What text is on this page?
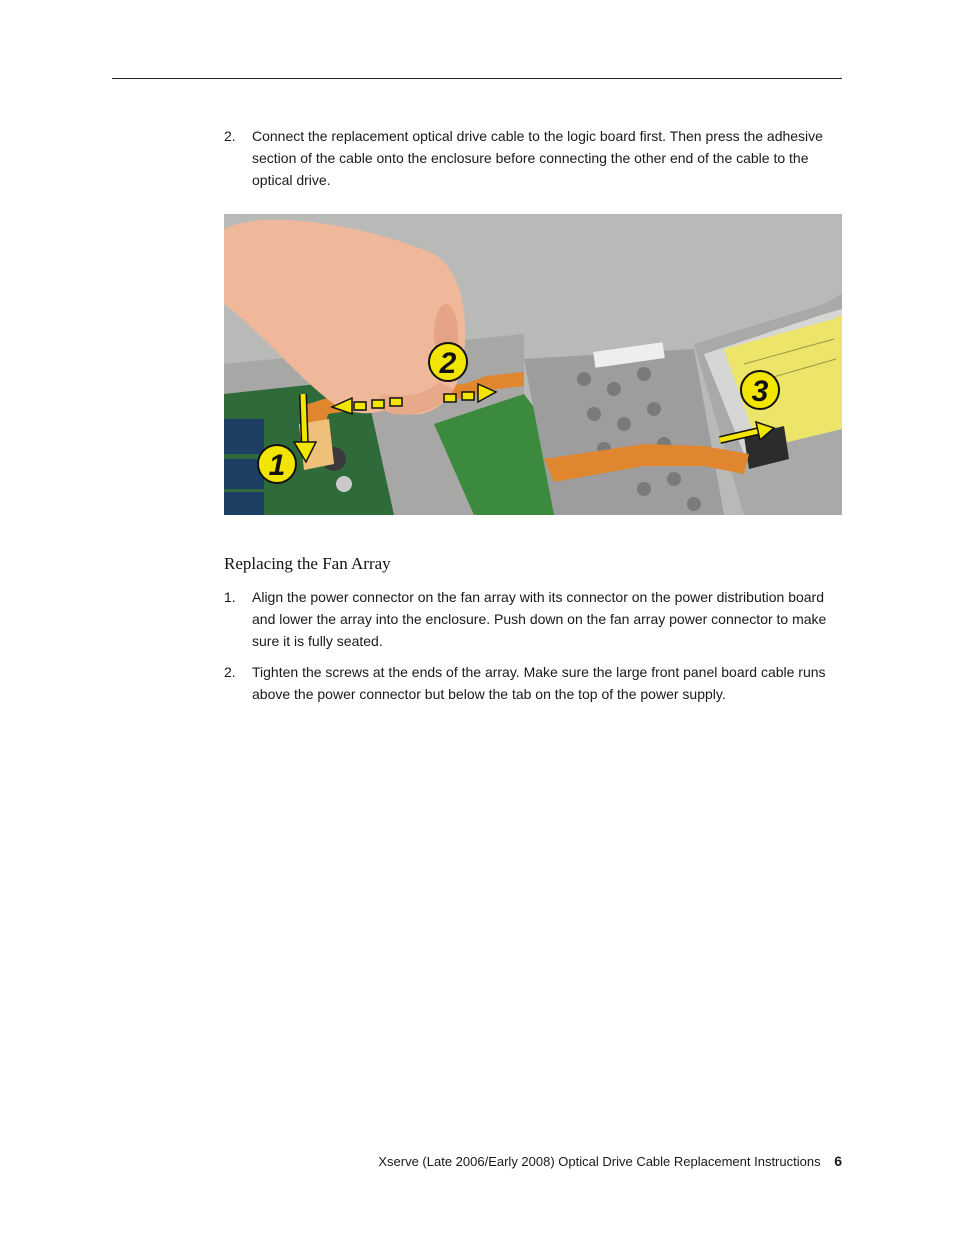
2.	Connect the replacement optical drive cable to the logic board first. Then press the adhesive section of the cable onto the enclosure before connecting the other end of the cable to the optical drive.
1
2
3
Replacing the Fan Array
1.	Align the power connector on the fan array with its connector on the power distribution board and lower the array into the enclosure. Push down on the fan array power connector to make sure it is fully seated.
2.	Tighten the screws at the ends of the array. Make sure the large front panel board cable runs above the power connector but below the tab on the top of the power supply.
Xserve (Late 2006/Early 2008) Optical Drive Cable Replacement Instructions 6
